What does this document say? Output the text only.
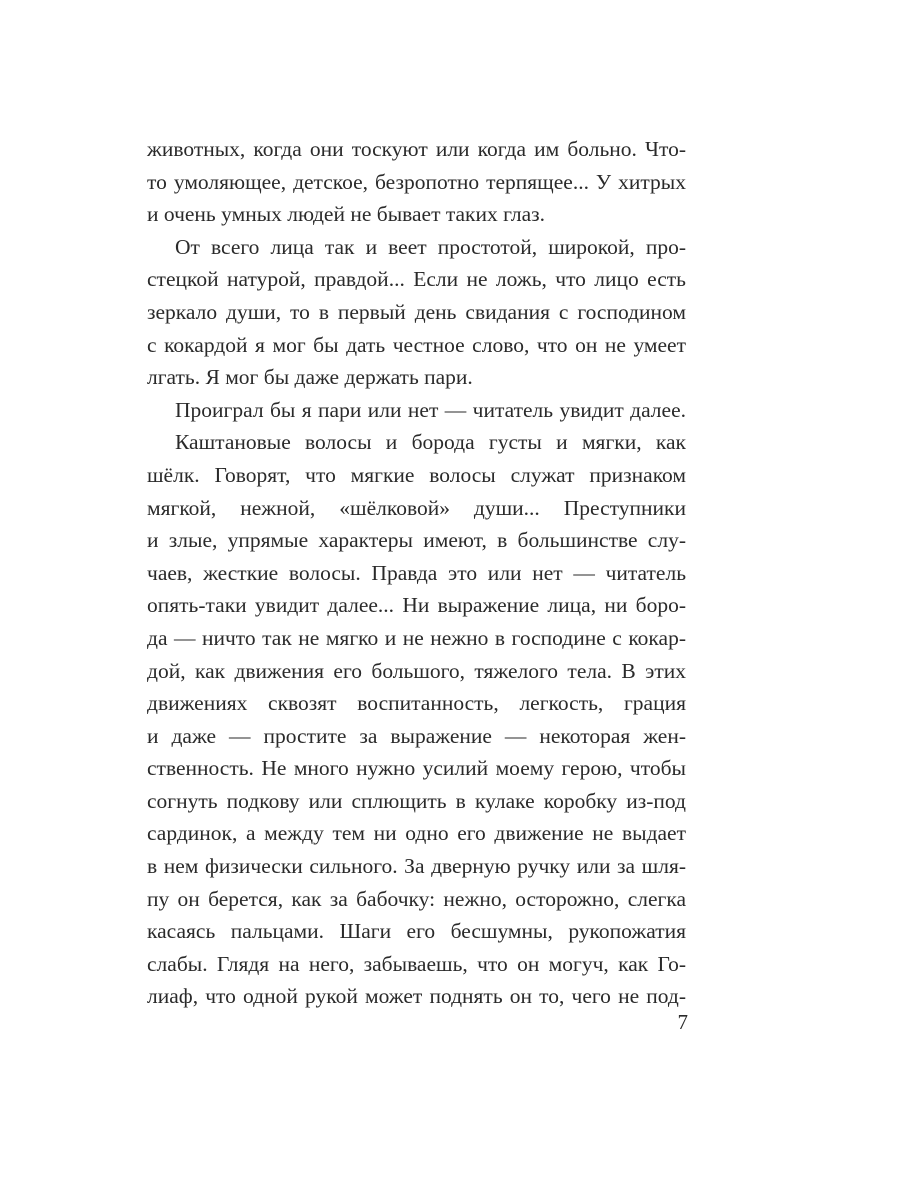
животных, когда они тоскуют или когда им больно. Что-
то умоляющее, детское, безропотно терпящее... У хитрых
и очень умных людей не бывает таких глаз.
От всего лица так и веет простотой, широкой, про-
стецкой натурой, правдой... Если не ложь, что лицо есть
зеркало души, то в первый день свидания с господином
с кокардой я мог бы дать честное слово, что он не умеет
лгать. Я мог бы даже держать пари.
Проиграл бы я пари или нет — читатель увидит далее.
Каштановые волосы и борода густы и мягки, как
шёлк. Говорят, что мягкие волосы служат признаком
мягкой, нежной, «шёлковой» души... Преступники
и злые, упрямые характеры имеют, в большинстве слу-
чаев, жесткие волосы. Правда это или нет — читатель
опять-таки увидит далее... Ни выражение лица, ни боро-
да — ничто так не мягко и не нежно в господине с кокар-
дой, как движения его большого, тяжелого тела. В этих
движениях сквозят воспитанность, легкость, грация
и даже — простите за выражение — некоторая жен-
ственность. Не много нужно усилий моему герою, чтобы
согнуть подкову или сплющить в кулаке коробку из-под
сардинок, а между тем ни одно его движение не выдает
в нем физически сильного. За дверную ручку или за шля-
пу он берется, как за бабочку: нежно, осторожно, слегка
касаясь пальцами. Шаги его бесшумны, рукопожатия
слабы. Глядя на него, забываешь, что он могуч, как Го-
лиаф, что одной рукой может поднять он то, чего не под-
7
